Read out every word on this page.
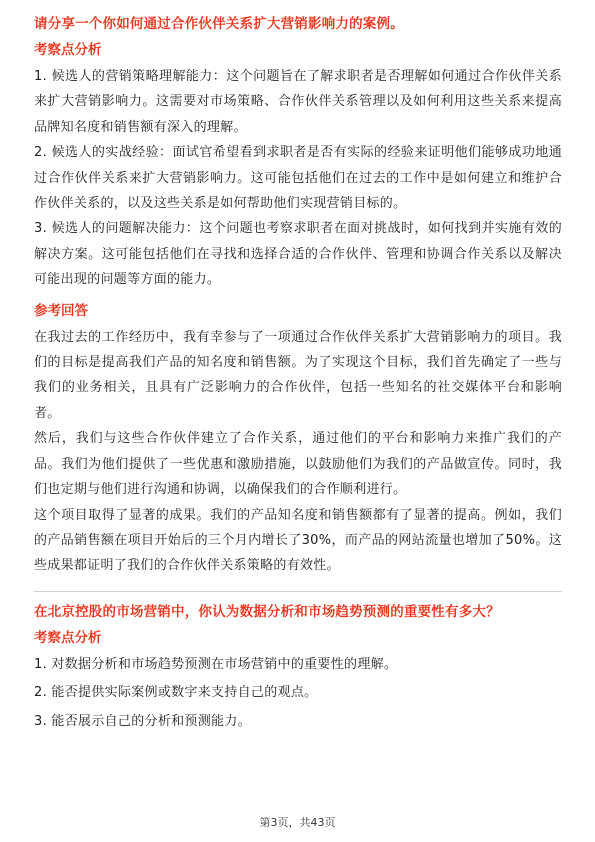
请分享一个你如何通过合作伙伴关系扩大营销影响力的案例。
考察点分析

1. 候选人的营销策略理解能力：这个问题旨在了解求职者是否理解如何通过合作伙伴关系来扩大营销影响力。这需要对市场策略、合作伙伴关系管理以及如何利用这些关系来提高品牌知名度和销售额有深入的理解。

2. 候选人的实战经验：面试官希望看到求职者是否有实际的经验来证明他们能够成功地通过合作伙伴关系来扩大营销影响力。这可能包括他们在过去的工作中是如何建立和维护合作伙伴关系的，以及这些关系是如何帮助他们实现营销目标的。

3. 候选人的问题解决能力：这个问题也考察求职者在面对挑战时，如何找到并实施有效的解决方案。这可能包括他们在寻找和选择合适的合作伙伴、管理和协调合作关系以及解决可能出现的问题等方面的能力。

参考回答

在我过去的工作经历中，我有幸参与了一项通过合作伙伴关系扩大营销影响力的项目。我们的目标是提高我们产品的知名度和销售额。为了实现这个目标，我们首先确定了一些与我们的业务相关，且具有广泛影响力的合作伙伴，包括一些知名的社交媒体平台和影响者。

然后，我们与这些合作伙伴建立了合作关系，通过他们的平台和影响力来推广我们的产品。我们为他们提供了一些优惠和激励措施，以鼓励他们为我们的产品做宣传。同时，我们也定期与他们进行沟通和协调，以确保我们的合作顺利进行。

这个项目取得了显著的成果。我们的产品知名度和销售额都有了显著的提高。例如，我们的产品销售额在项目开始后的三个月内增长了30%，而产品的网站流量也增加了50%。这些成果都证明了我们的合作伙伴关系策略的有效性。

在北京控股的市场营销中，你认为数据分析和市场趋势预测的重要性有多大？
考察点分析
1. 对数据分析和市场趋势预测在市场营销中的重要性的理解。
2. 能否提供实际案例或数字来支持自己的观点。
3. 能否展示自己的分析和预测能力。
第3页，共43页
